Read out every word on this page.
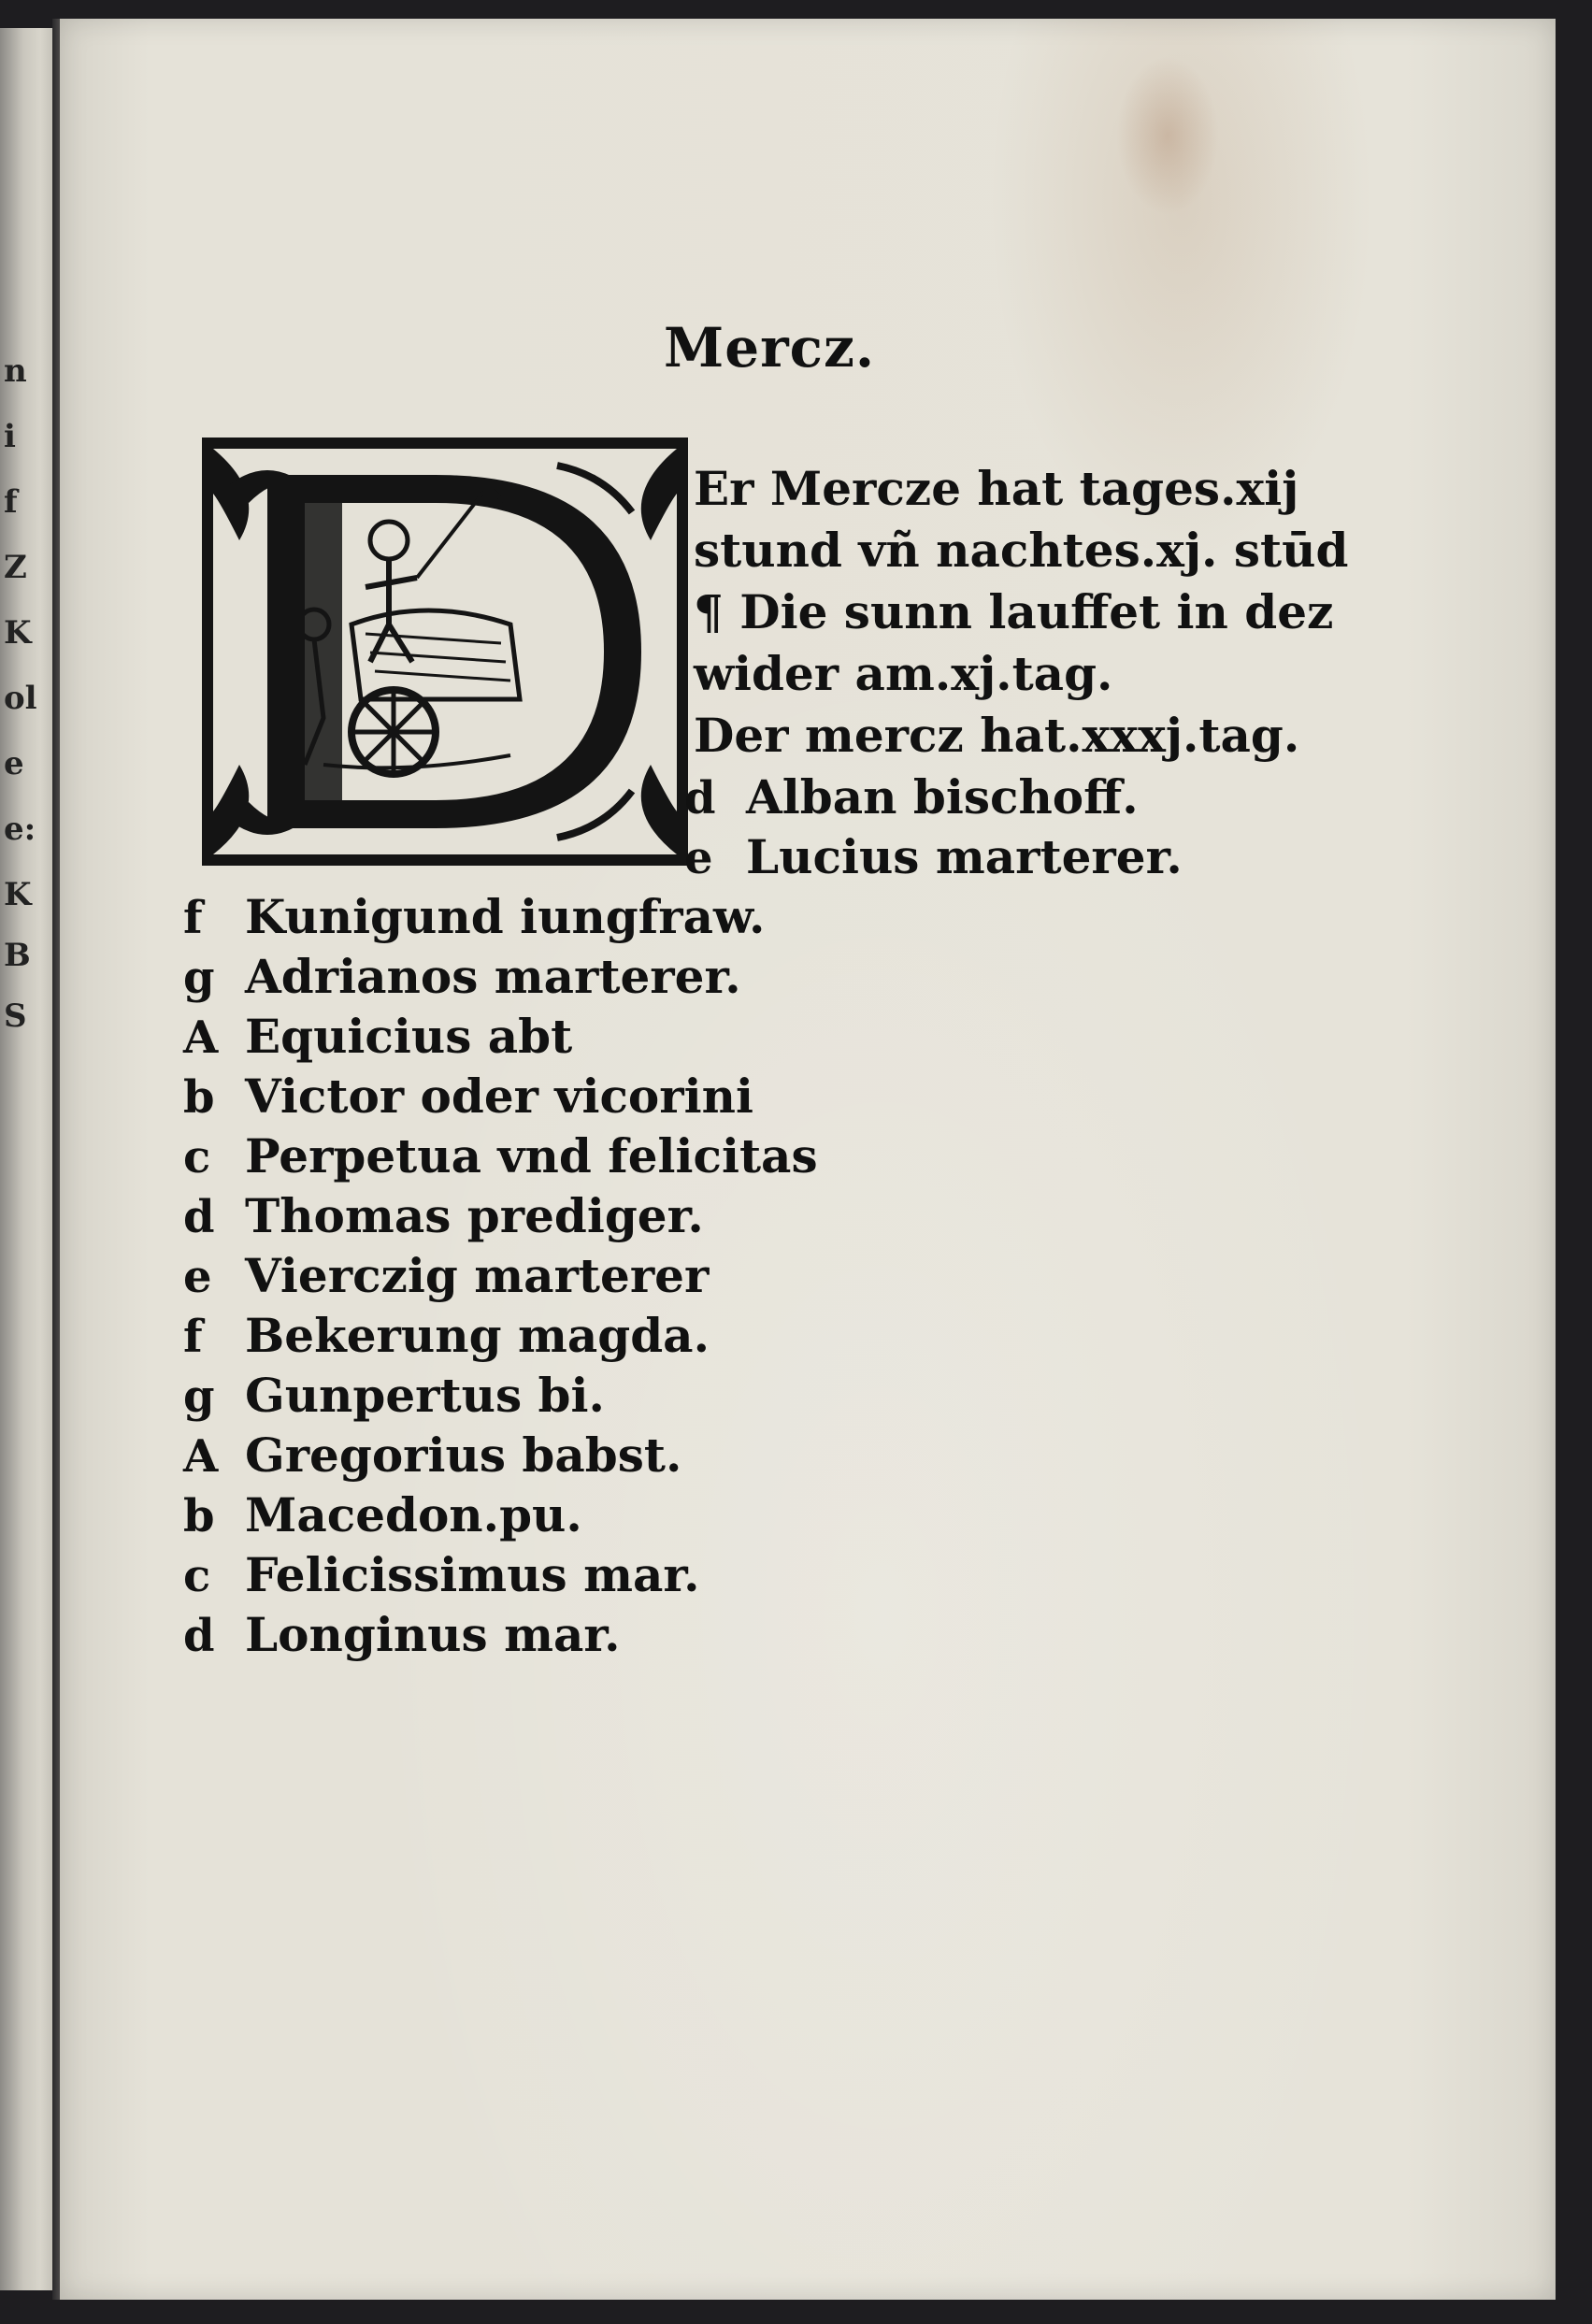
n
i
f
Z
K
ol
e
e:
K
B
S
Mercz.
Er Mercze hat tages.xij
stund vñ nachtes.xj. stūd
¶ Die sunn lauffet in dez
wider am.xj.tag.
Der mercz hat.xxxj.tag.
d Alban bischoff.
e Lucius marterer.
f Kunigund iungfraw.
g Adrianos marterer.
A Equicius abt
b Victor oder vicorini
c Perpetua vnd felicitas
d Thomas prediger.
e Vierczig marterer
f Bekerung magda.
g Gunpertus bi.
A Gregorius babst.
b Macedon.pu.
c Felicissimus mar.
d Longinus mar.
